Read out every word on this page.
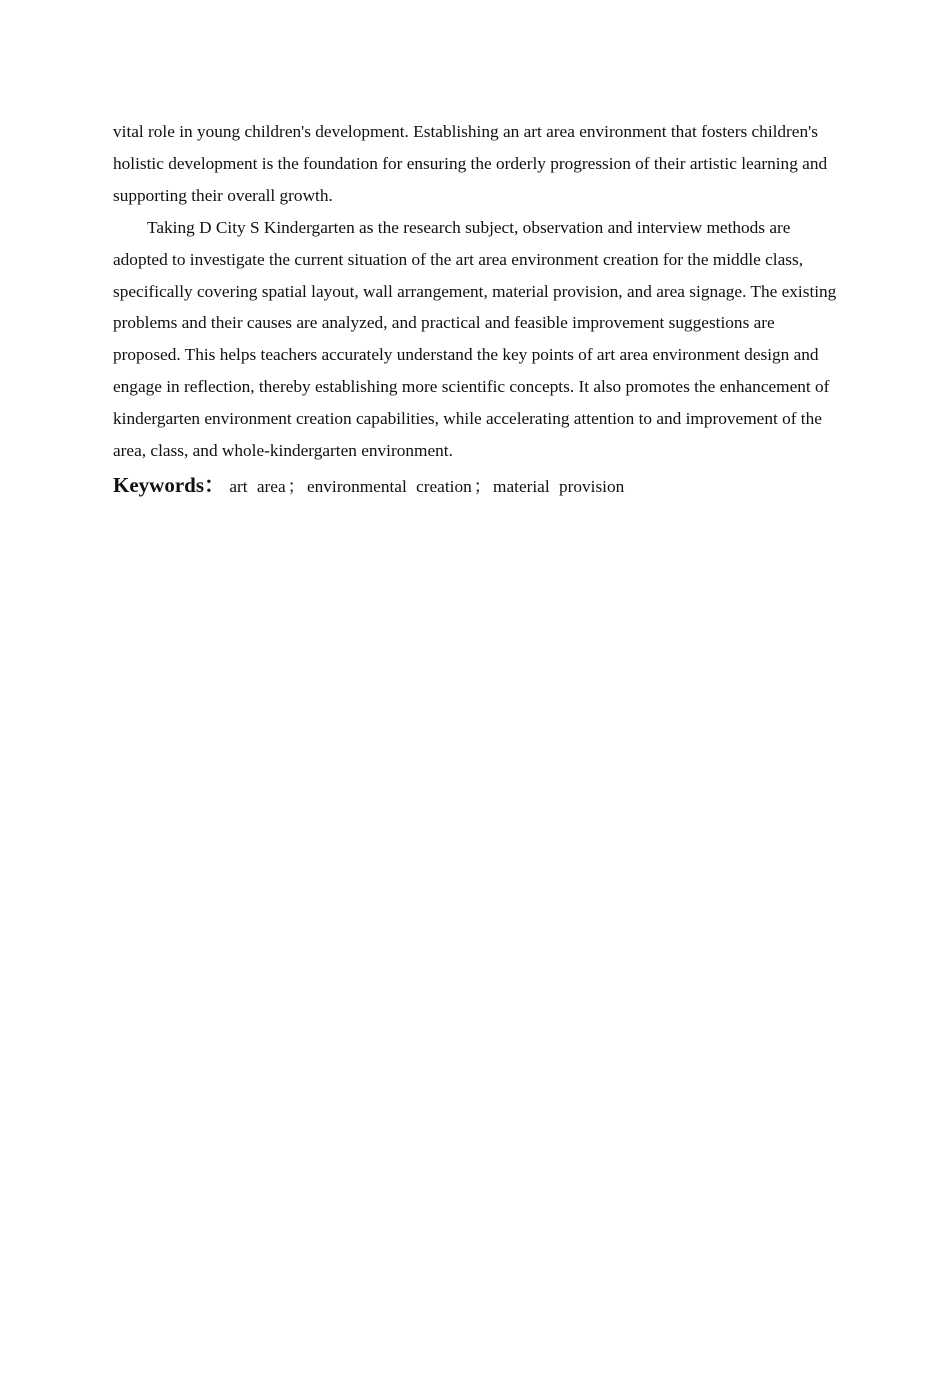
vital role in young children's development. Establishing an art area environment that fosters children's holistic development is the foundation for ensuring the orderly progression of their artistic learning and supporting their overall growth.

Taking D City S Kindergarten as the research subject, observation and interview methods are adopted to investigate the current situation of the art area environment creation for the middle class, specifically covering spatial layout, wall arrangement, material provision, and area signage. The existing problems and their causes are analyzed, and practical and feasible improvement suggestions are proposed. This helps teachers accurately understand the key points of art area environment design and engage in reflection, thereby establishing more scientific concepts. It also promotes the enhancement of kindergarten environment creation capabilities, while accelerating attention to and improvement of the area, class, and whole-kindergarten environment.

Keywords： art area ； environmental creation ； material provision
